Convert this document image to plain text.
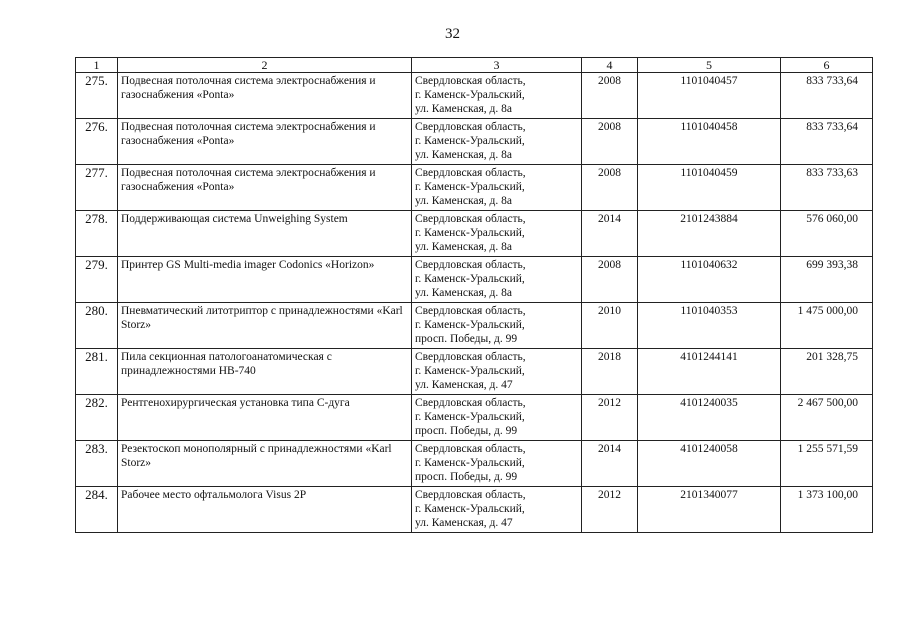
32
1	2	3	4	5	6
275.	Подвесная потолочная система электроснабжения и газоснабжения «Ponta»	Свердловская область,
г. Каменск-Уральский,
ул. Каменская, д. 8а	2008	1101040457	833 733,64
276.	Подвесная потолочная система электроснабжения и газоснабжения «Ponta»	Свердловская область,
г. Каменск-Уральский,
ул. Каменская, д. 8а	2008	1101040458	833 733,64
277.	Подвесная потолочная система электроснабжения и газоснабжения «Ponta»	Свердловская область,
г. Каменск-Уральский,
ул. Каменская, д. 8а	2008	1101040459	833 733,63
278.	Поддерживающая система Unweighing System	Свердловская область,
г. Каменск-Уральский,
ул. Каменская, д. 8а	2014	2101243884	576 060,00
279.	Принтер GS Multi-media imager Codonics «Horizon»	Свердловская область,
г. Каменск-Уральский,
ул. Каменская, д. 8а	2008	1101040632	699 393,38
280.	Пневматический литотриптор с принадлежностями «Karl Storz»	Свердловская область,
г. Каменск-Уральский,
просп. Победы, д. 99	2010	1101040353	1 475 000,00
281.	Пила секционная патологоанатомическая с принадлежностями НВ-740	Свердловская область,
г. Каменск-Уральский,
ул. Каменская, д. 47	2018	4101244141	201 328,75
282.	Рентгенохирургическая установка типа С-дуга	Свердловская область,
г. Каменск-Уральский,
просп. Победы, д. 99	2012	4101240035	2 467 500,00
283.	Резектоскоп монополярный с принадлежностями «Karl Storz»	Свердловская область,
г. Каменск-Уральский,
просп. Победы, д. 99	2014	4101240058	1 255 571,59
284.	Рабочее место офтальмолога Visus 2P	Свердловская область,
г. Каменск-Уральский,
ул. Каменская, д. 47	2012	2101340077	1 373 100,00
